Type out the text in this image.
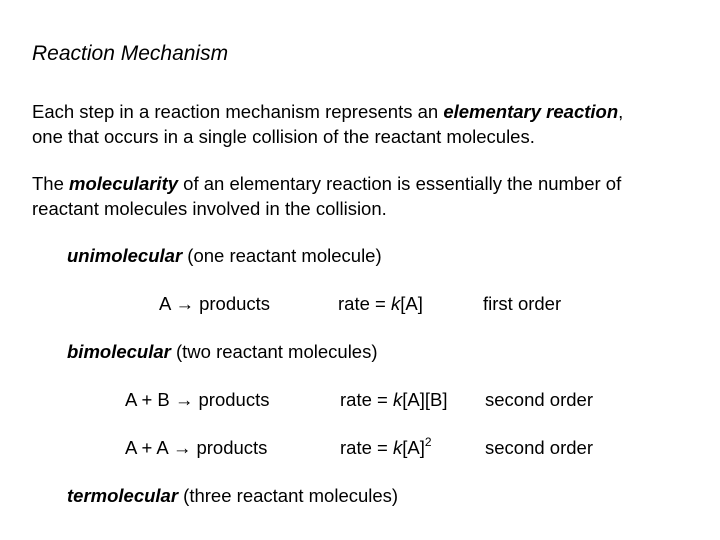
Reaction Mechanism
Each step in a reaction mechanism represents an elementary reaction,
one that occurs in a single collision of the reactant molecules.
The molecularity of an elementary reaction is essentially the number of
reactant molecules involved in the collision.
unimolecular (one reactant molecule)
A → products	rate = k[A]	first order
bimolecular (two reactant molecules)
A + B → products	rate = k[A][B] second order
A + A → products	rate = $k[A]^2$	second order
termolecular (three reactant molecules)
